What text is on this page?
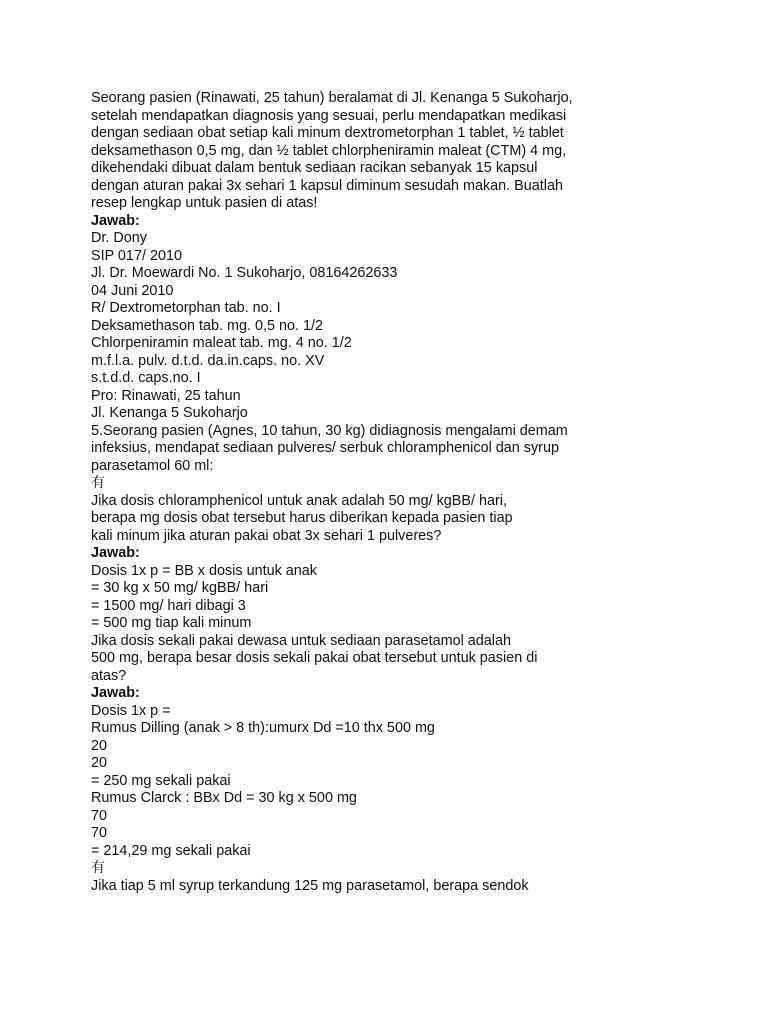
Seorang pasien (Rinawati, 25 tahun) beralamat di Jl. Kenanga 5 Sukoharjo,
setelah mendapatkan diagnosis yang sesuai, perlu mendapatkan medikasi
dengan sediaan obat setiap kali minum dextrometorphan 1 tablet, ½ tablet
deksamethason 0,5 mg, dan ½ tablet chlorpheniramin maleat (CTM) 4 mg,
dikehendaki dibuat dalam bentuk sediaan racikan sebanyak 15 kapsul
dengan aturan pakai 3x sehari 1 kapsul diminum sesudah makan. Buatlah
resep lengkap untuk pasien di atas!
Jawab:
Dr. Dony
SIP 017/ 2010
Jl. Dr. Moewardi No. 1 Sukoharjo, 08164262633
04 Juni 2010
R/ Dextrometorphan tab. no. I
Deksamethason tab. mg. 0,5 no. 1/2
Chlorpeniramin maleat tab. mg. 4 no. 1/2
m.f.l.a. pulv. d.t.d. da.in.caps. no. XV
s.t.d.d. caps.no. I
Pro: Rinawati, 25 tahun
Jl. Kenanga 5 Sukoharjo
5.Seorang pasien (Agnes, 10 tahun, 30 kg) didiagnosis mengalami demam
infeksius, mendapat sediaan pulveres/ serbuk chloramphenicol dan syrup
parasetamol 60 ml:
有
Jika dosis chloramphenicol untuk anak adalah 50 mg/ kgBB/ hari,
berapa mg dosis obat tersebut harus diberikan kepada pasien tiap
kali minum jika aturan pakai obat 3x sehari 1 pulveres?
Jawab:
Dosis 1x p = BB x dosis untuk anak
= 30 kg x 50 mg/ kgBB/ hari
= 1500 mg/ hari dibagi 3
= 500 mg tiap kali minum
Jika dosis sekali pakai dewasa untuk sediaan parasetamol adalah
500 mg, berapa besar dosis sekali pakai obat tersebut untuk pasien di
atas?
Jawab:
Dosis 1x p =
Rumus Dilling (anak > 8 th):umurx Dd =10 thx 500 mg
20
20
= 250 mg sekali pakai
Rumus Clarck : BBx Dd = 30 kg x 500 mg
70
70
= 214,29 mg sekali pakai
有
Jika tiap 5 ml syrup terkandung 125 mg parasetamol, berapa sendok
